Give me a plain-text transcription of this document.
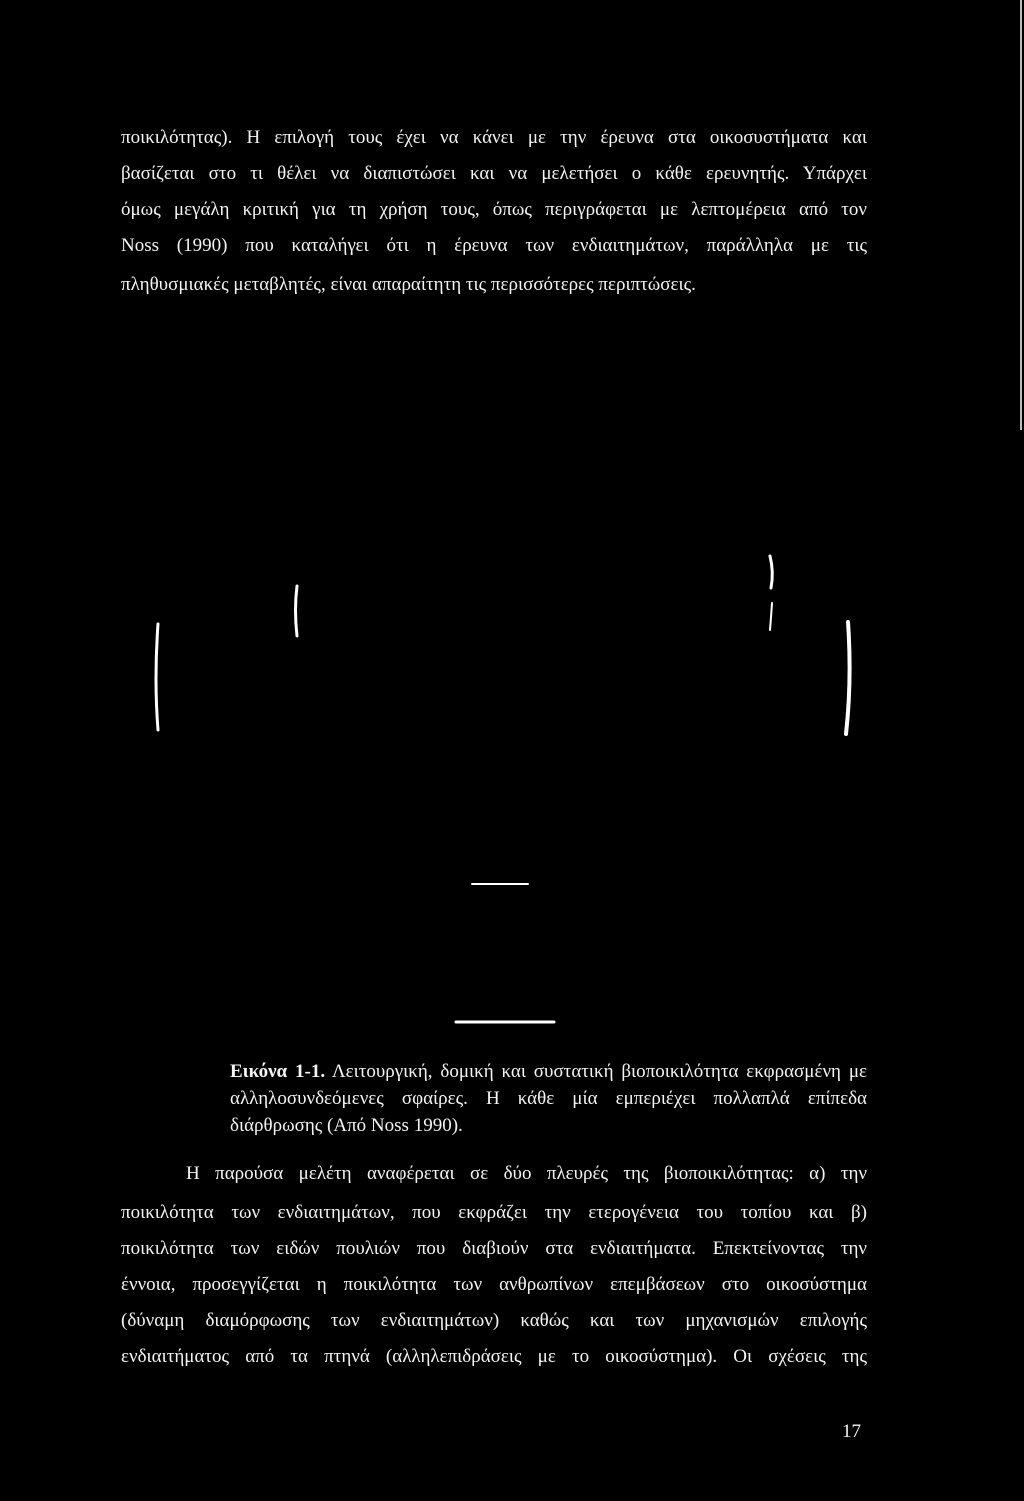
ποικιλότητας). Η επιλογή τους έχει να κάνει με την έρευνα στα οικοσυστήματα και
βασίζεται στο τι θέλει να διαπιστώσει και να μελετήσει ο κάθε ερευνητής. Υπάρχει
όμως μεγάλη κριτική για τη χρήση τους, όπως περιγράφεται με λεπτομέρεια από τον
Noss (1990) που καταλήγει ότι η έρευνα των ενδιαιτημάτων, παράλληλα με τις
πληθυσμιακές μεταβλητές, είναι απαραίτητη τις περισσότερες περιπτώσεις.
Εικόνα 1-1. Λειτουργική, δομική και συστατική βιοποικιλότητα εκφρασμένη με
αλληλοσυνδεόμενες σφαίρες. Η κάθε μία εμπεριέχει πολλαπλά επίπεδα
διάρθρωσης (Από Noss 1990).
Η παρούσα μελέτη αναφέρεται σε δύο πλευρές της βιοποικιλότητας: α) την
ποικιλότητα των ενδιαιτημάτων, που εκφράζει την ετερογένεια του τοπίου και β)
ποικιλότητα των ειδών πουλιών που διαβιούν στα ενδιαιτήματα. Επεκτείνοντας την
έννοια, προσεγγίζεται η ποικιλότητα των ανθρωπίνων επεμβάσεων στο οικοσύστημα
(δύναμη διαμόρφωσης των ενδιαιτημάτων) καθώς και των μηχανισμών επιλογής
ενδιαιτήματος από τα πτηνά (αλληλεπιδράσεις με το οικοσύστημα). Οι σχέσεις της
17
